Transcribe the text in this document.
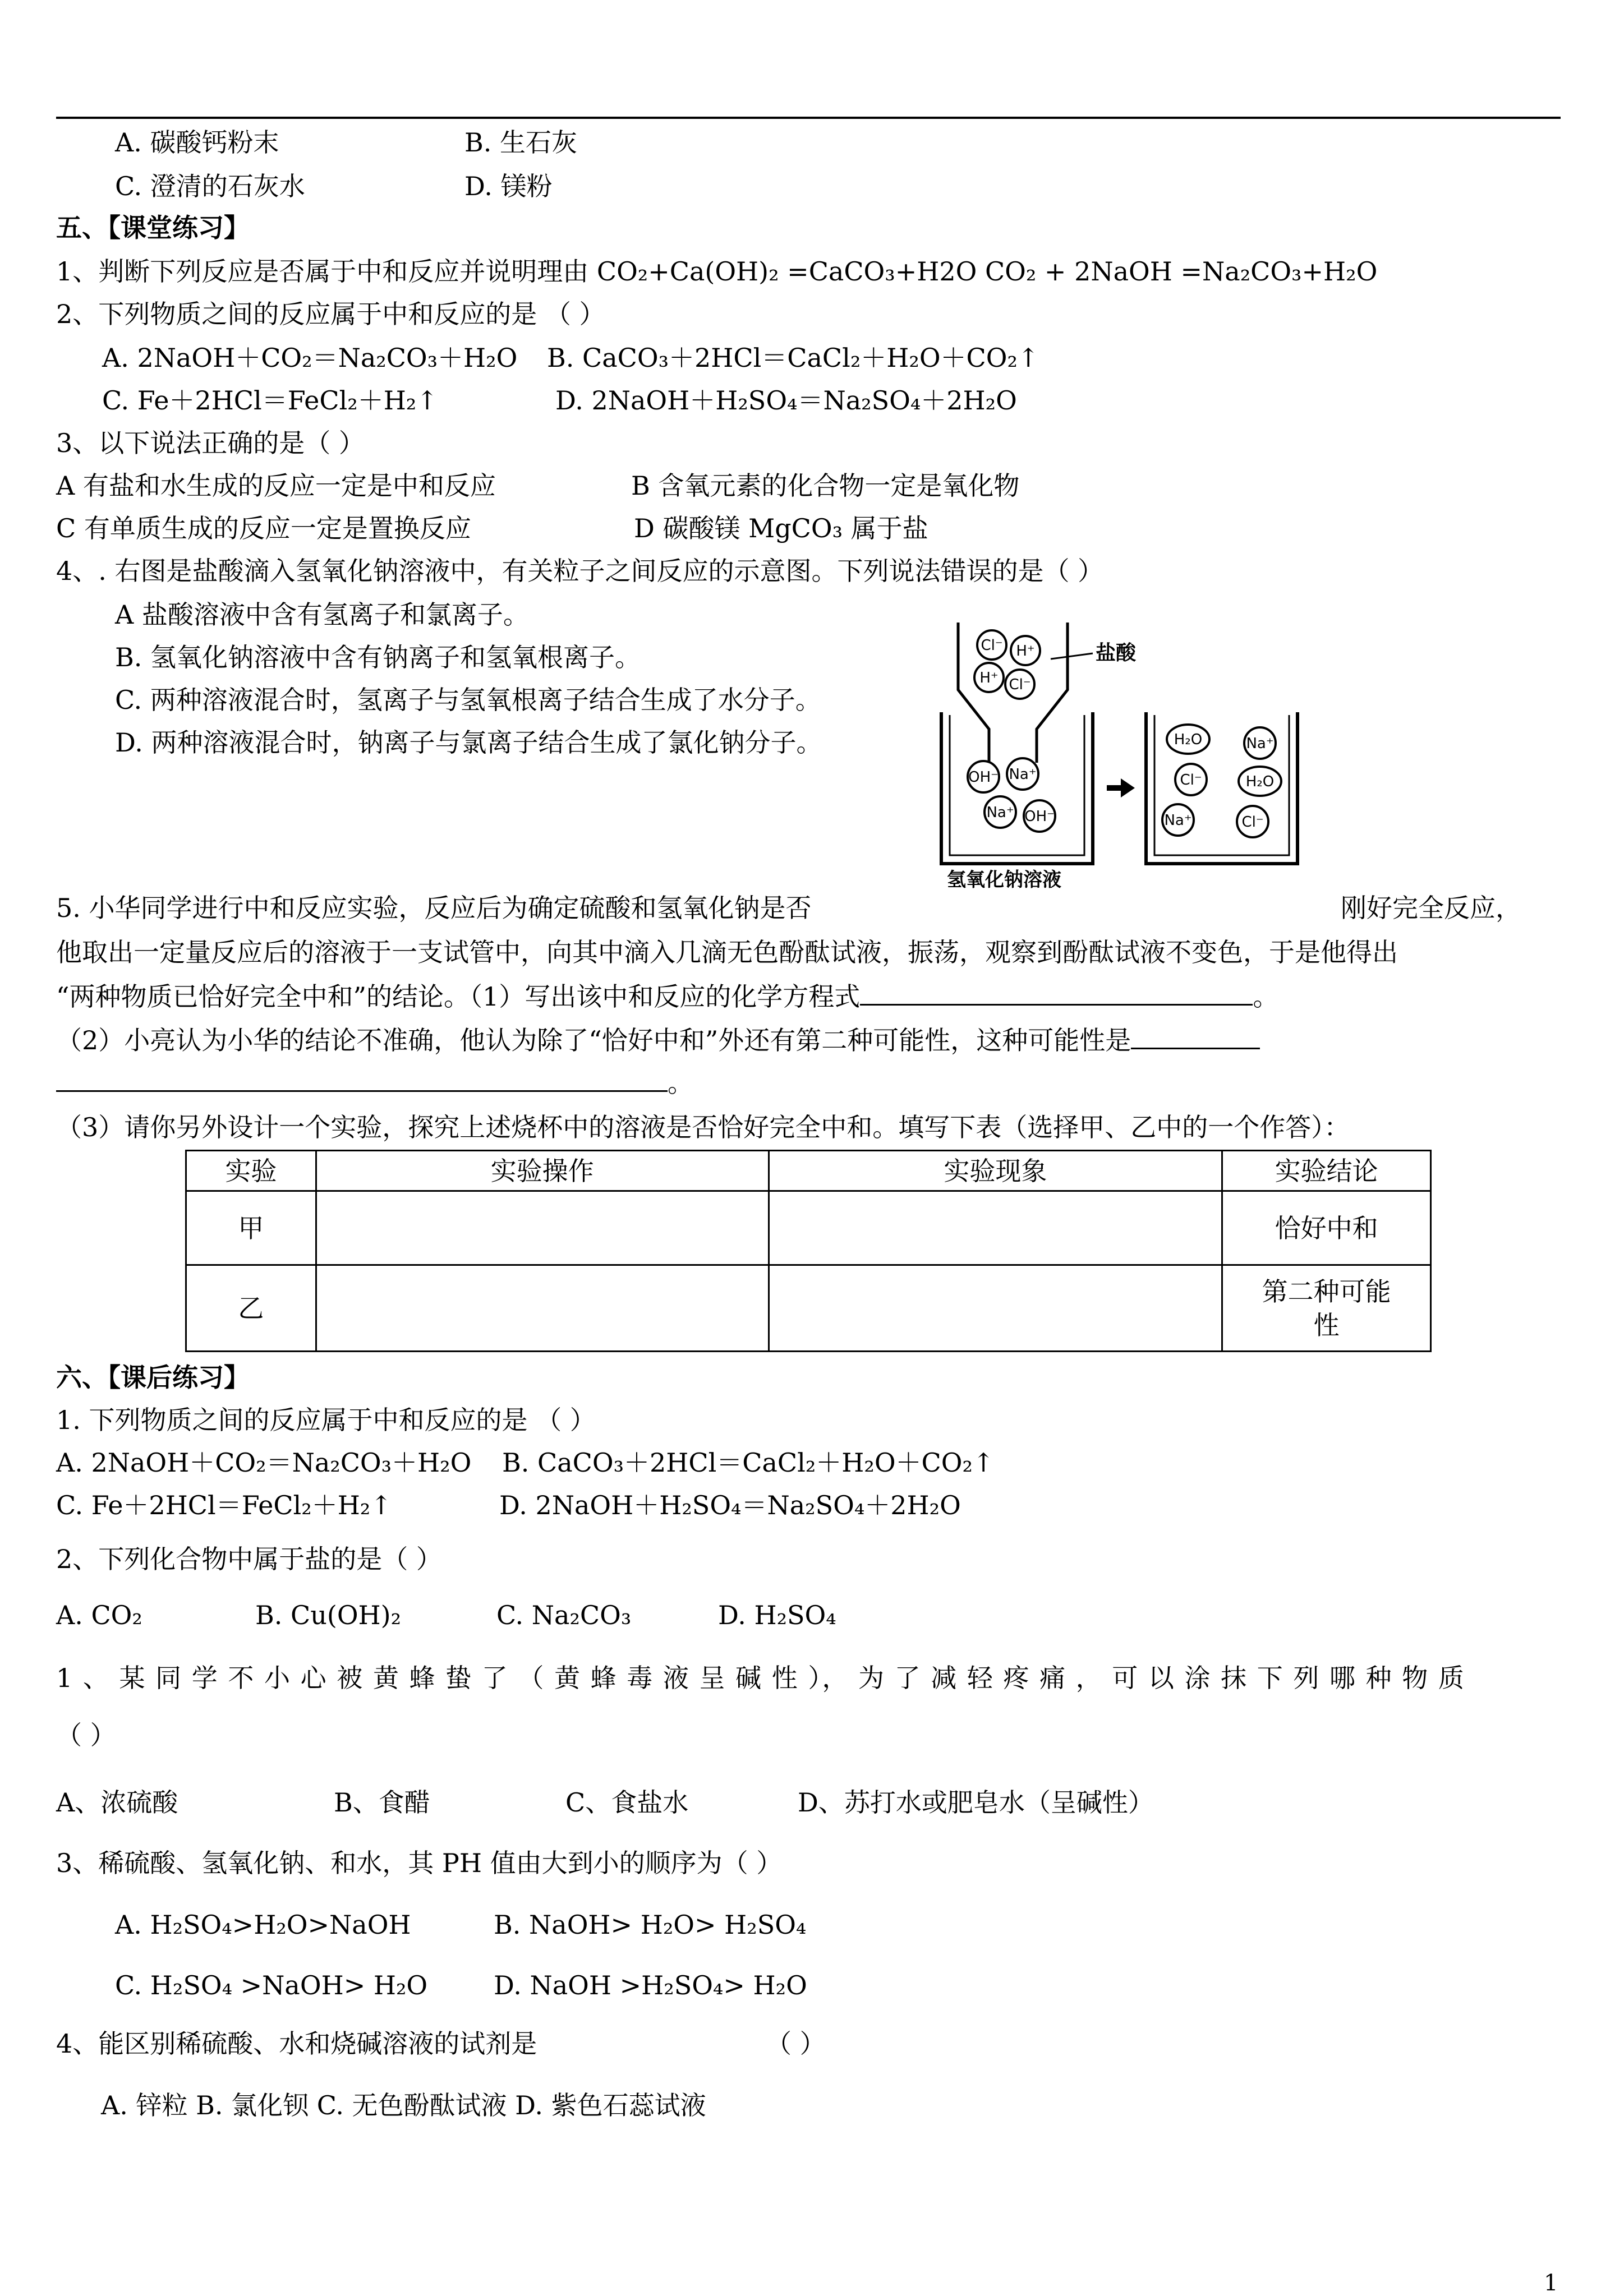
A. 碳酸钙粉末	B. 生石灰
C. 澄清的石灰水	D. 镁粉
五、【课堂练习】
1、判断下列反应是否属于中和反应并说明理由 CO₂+Ca(OH)₂ =CaCO₃+H2O CO₂ + 2NaOH =Na₂CO₃+H₂O
2、下列物质之间的反应属于中和反应的是 （ ）
A. 2NaOH＋CO₂＝Na₂CO₃＋H₂O B. CaCO₃＋2HCl＝CaCl₂＋H₂O＋CO₂↑
C. Fe＋2HCl＝FeCl₂＋H₂↑	D. 2NaOH＋H₂SO₄＝Na₂SO₄＋2H₂O
3、以下说法正确的是（ ）
A 有盐和水生成的反应一定是中和反应	B 含氧元素的化合物一定是氧化物
C 有单质生成的反应一定是置换反应	D 碳酸镁 MgCO₃ 属于盐
4、. 右图是盐酸滴入氢氧化钠溶液中，有关粒子之间反应的示意图。下列说法错误的是（ ）
A 盐酸溶液中含有氢离子和氯离子。
B. 氢氧化钠溶液中含有钠离子和氢氧根离子。
C. 两种溶液混合时，氢离子与氢氧根离子结合生成了水分子。
D. 两种溶液混合时，钠离子与氯离子结合生成了氯化钠分子。
Cl⁻ H⁺
H⁺ Cl⁻
盐酸
OH⁻ Na⁺
Na⁺ OH⁻
氢氧化钠溶液
H₂O	Na⁺
Cl⁻	H₂O
Na⁺	Cl⁻
5. 小华同学进行中和反应实验，反应后为确定硫酸和氢氧化钠是否	刚好完全反应，
他取出一定量反应后的溶液于一支试管中，向其中滴入几滴无色酚酞试液，振荡，观察到酚酞试液不变色，于是他得出
“两种物质已恰好完全中和”的结论。（1）写出该中和反应的化学方程式	。
（2）小亮认为小华的结论不准确，他认为除了“恰好中和”外还有第二种可能性，这种可能性是
。
（3）请你另外设计一个实验，探究上述烧杯中的溶液是否恰好完全中和。填写下表（选择甲、乙中的一个作答）：
实验	实验操作	实验现象	实验结论
甲			恰好中和
乙			第二种可能性
六、【课后练习】
1. 下列物质之间的反应属于中和反应的是 （ ）
A. 2NaOH＋CO₂＝Na₂CO₃＋H₂O B. CaCO₃＋2HCl＝CaCl₂＋H₂O＋CO₂↑
C. Fe＋2HCl＝FeCl₂＋H₂↑	D. 2NaOH＋H₂SO₄＝Na₂SO₄＋2H₂O
2、下列化合物中属于盐的是（ ）
A. CO₂	B. Cu(OH)₂	C. Na₂CO₃	D. H₂SO₄
1 、 某 同 学 不 小 心 被 黄 蜂 蛰 了 （ 黄 蜂 毒 液 呈 碱 性 ）， 为 了 减 轻 疼 痛 ， 可 以 涂 抹 下 列 哪 种 物 质
（ ）
A、浓硫酸	B、食醋	C、食盐水	D、苏打水或肥皂水（呈碱性）
3、稀硫酸、氢氧化钠、和水，其 PH 值由大到小的顺序为（ ）
A. H₂SO₄>H₂O>NaOH	B. NaOH> H₂O> H₂SO₄
C. H₂SO₄ >NaOH> H₂O	D. NaOH >H₂SO₄> H₂O
4、能区别稀硫酸、水和烧碱溶液的试剂是	（ ）
A. 锌粒 B. 氯化钡 C. 无色酚酞试液 D. 紫色石蕊试液
1
